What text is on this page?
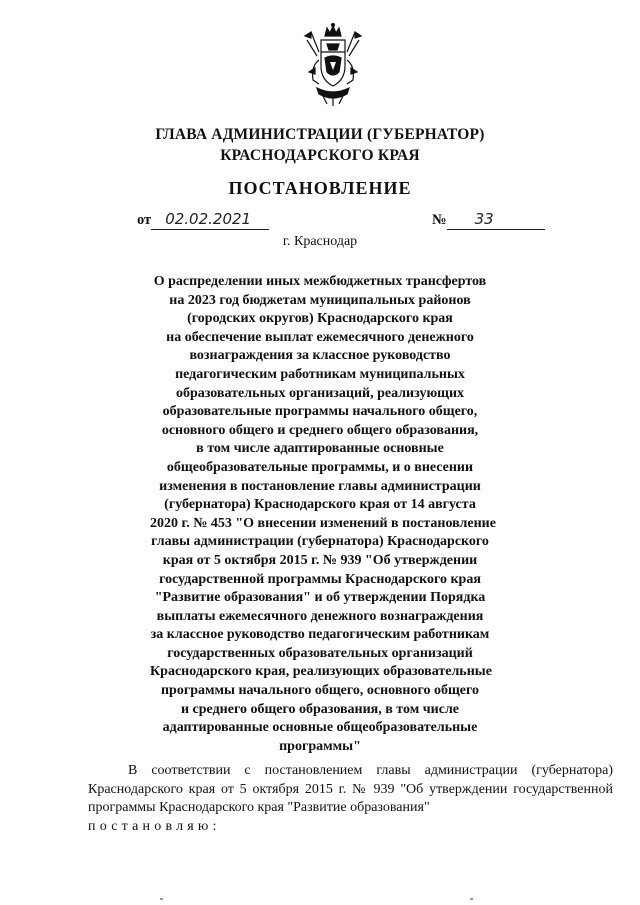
ГЛАВА АДМИНИСТРАЦИИ (ГУБЕРНАТОР)
КРАСНОДАРСКОГО КРАЯ
ПОСТАНОВЛЕНИЕ
от 02.02.2021	№ 33
г. Краснодар
О распределении иных межбюджетных трансфертов
на 2023 год бюджетам муниципальных районов
(городских округов) Краснодарского края
на обеспечение выплат ежемесячного денежного
вознаграждения за классное руководство
педагогическим работникам муниципальных
образовательных организаций, реализующих
образовательные программы начального общего,
основного общего и среднего общего образования,
в том числе адаптированные основные
общеобразовательные программы, и о внесении
изменения в постановление главы администрации
(губернатора) Краснодарского края от 14 августа
2020 г. № 453 "О внесении изменений в постановление
главы администрации (губернатора) Краснодарского
края от 5 октября 2015 г. № 939 "Об утверждении
государственной программы Краснодарского края
"Развитие образования" и об утверждении Порядка
выплаты ежемесячного денежного вознаграждения
за классное руководство педагогическим работникам
государственных образовательных организаций
Краснодарского края, реализующих образовательные
программы начального общего, основного общего
и среднего общего образования, в том числе
адаптированные основные общеобразовательные
программы"

В соответствии с постановлением главы администрации (губернатора) Краснодарского края от 5 октября 2015 г. № 939 "Об утверждении государственной программы Краснодарского края "Развитие образования"
постановляю:
